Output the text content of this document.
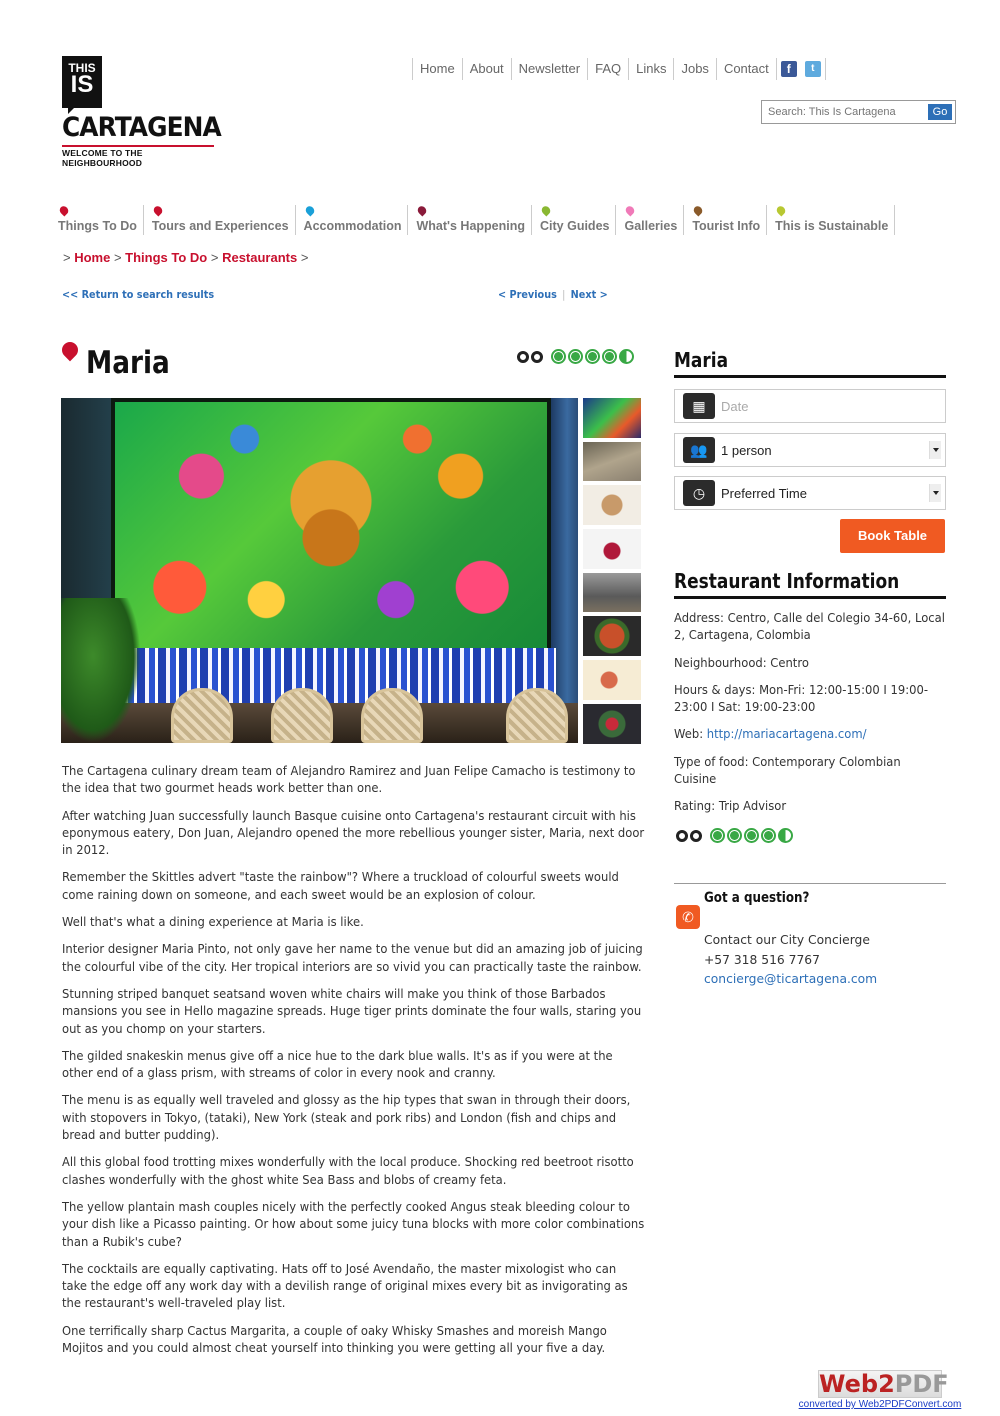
THIS
IS
CARTAGENA
WELCOME TO THE NEIGHBOURHOOD
Home	About	Newsletter	FAQ	Links	Jobs	Contact	f	t
Search: This Is Cartagena
Go
Things To Do	Tours and Experiences	Accommodation	What's Happening	City Guides	Galleries	Tourist Info	This is Sustainable
> Home > Things To Do > Restaurants >
<< Return to search results	< Previous | Next >
Maria

The Cartagena culinary dream team of Alejandro Ramirez and Juan Felipe Camacho is testimony to the idea that two gourmet heads work better than one.

After watching Juan successfully launch Basque cuisine onto Cartagena's restaurant circuit with his eponymous eatery, Don Juan, Alejandro opened the more rebellious younger sister, Maria, next door in 2012.

Remember the Skittles advert "taste the rainbow"? Where a truckload of colourful sweets would come raining down on someone, and each sweet would be an explosion of colour.

Well that's what a dining experience at Maria is like.

Interior designer Maria Pinto, not only gave her name to the venue but did an amazing job of juicing the colourful vibe of the city. Her tropical interiors are so vivid you can practically taste the rainbow.

Stunning striped banquet seatsand woven white chairs will make you think of those Barbados mansions you see in Hello magazine spreads. Huge tiger prints dominate the four walls, staring you out as you chomp on your starters.

The gilded snakeskin menus give off a nice hue to the dark blue walls. It's as if you were at the other end of a glass prism, with streams of color in every nook and cranny.

The menu is as equally well traveled and glossy as the hip types that swan in through their doors, with stopovers in Tokyo, (tataki), New York (steak and pork ribs) and London (fish and chips and bread and butter pudding).

All this global food trotting mixes wonderfully with the local produce. Shocking red beetroot risotto clashes wonderfully with the ghost white Sea Bass and blobs of creamy feta.

The yellow plantain mash couples nicely with the perfectly cooked Angus steak bleeding colour to your dish like a Picasso painting. Or how about some juicy tuna blocks with more color combinations than a Rubik's cube?

The cocktails are equally captivating. Hats off to José Avendaño, the master mixologist who can take the edge off any work day with a devilish range of original mixes every bit as invigorating as the restaurant's well-traveled play list.

One terrifically sharp Cactus Margarita, a couple of oaky Whisky Smashes and moreish Mango Mojitos and you could almost cheat yourself into thinking you were getting all your five a day.

Maria
▦	Date
👥	1 person
◷	Preferred Time
Book Table
Restaurant Information
Address: Centro, Calle del Colegio 34-60, Local 2, Cartagena, Colombia
Neighbourhood: Centro
Hours & days: Mon-Fri: 12:00-15:00 I 19:00-23:00 I Sat: 19:00-23:00
Web: http://mariacartagena.com/
Type of food: Contemporary Colombian Cuisine
Rating: Trip Advisor
✆
Got a question?
Contact our City Concierge
+57 318 516 7767
concierge@ticartagena.com
Web2PDF
converted by Web2PDFConvert.com
